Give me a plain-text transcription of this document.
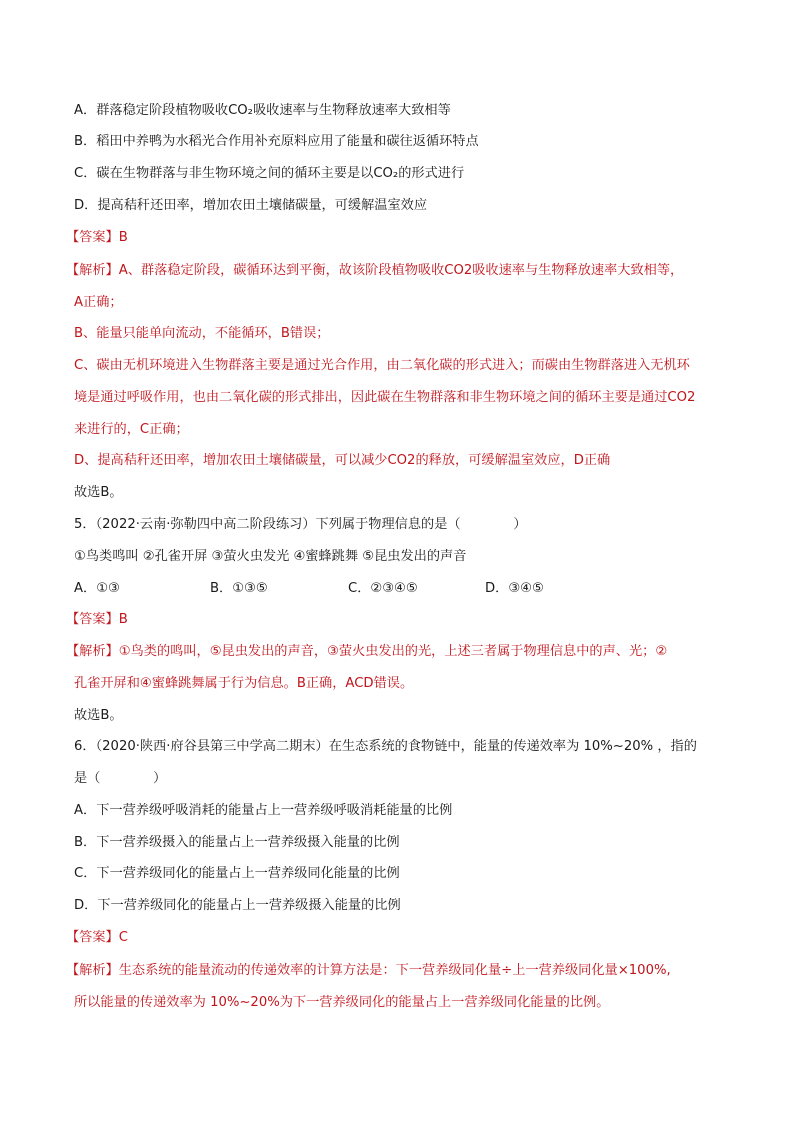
A．群落稳定阶段植物吸收CO₂吸收速率与生物释放速率大致相等
B．稻田中养鸭为水稻光合作用补充原料应用了能量和碳往返循环特点
C．碳在生物群落与非生物环境之间的循环主要是以CO₂的形式进行
D．提高秸秆还田率，增加农田土壤储碳量，可缓解温室效应
【答案】B
【解析】A、群落稳定阶段，碳循环达到平衡，故该阶段植物吸收CO2吸收速率与生物释放速率大致相等，
A正确；
B、能量只能单向流动，不能循环，B错误；
C、碳由无机环境进入生物群落主要是通过光合作用，由二氧化碳的形式进入；而碳由生物群落进入无机环
境是通过呼吸作用，也由二氧化碳的形式排出，因此碳在生物群落和非生物环境之间的循环主要是通过CO2
来进行的，C正确；
D、提高秸秆还田率，增加农田土壤储碳量，可以减少CO2的释放，可缓解温室效应，D正确
故选B。
5．（2022·云南·弥勒四中高二阶段练习）下列属于物理信息的是（　　　　）
①鸟类鸣叫 ②孔雀开屏 ③萤火虫发光 ④蜜蜂跳舞 ⑤昆虫发出的声音
A．①③	B．①③⑤	C．②③④⑤	D．③④⑤
【答案】B
【解析】①鸟类的鸣叫，⑤昆虫发出的声音，③萤火虫发出的光，上述三者属于物理信息中的声、光；②
孔雀开屏和④蜜蜂跳舞属于行为信息。B正确，ACD错误。
故选B。
6．（2020·陕西·府谷县第三中学高二期末）在生态系统的食物链中，能量的传递效率为 10%~20% ，指的
是（　　　　）
A．下一营养级呼吸消耗的能量占上一营养级呼吸消耗能量的比例
B．下一营养级摄入的能量占上一营养级摄入能量的比例
C．下一营养级同化的能量占上一营养级同化能量的比例
D．下一营养级同化的能量占上一营养级摄入能量的比例
【答案】C
【解析】生态系统的能量流动的传递效率的计算方法是：下一营养级同化量÷上一营养级同化量×100%,
所以能量的传递效率为 10%~20%为下一营养级同化的能量占上一营养级同化能量的比例。
